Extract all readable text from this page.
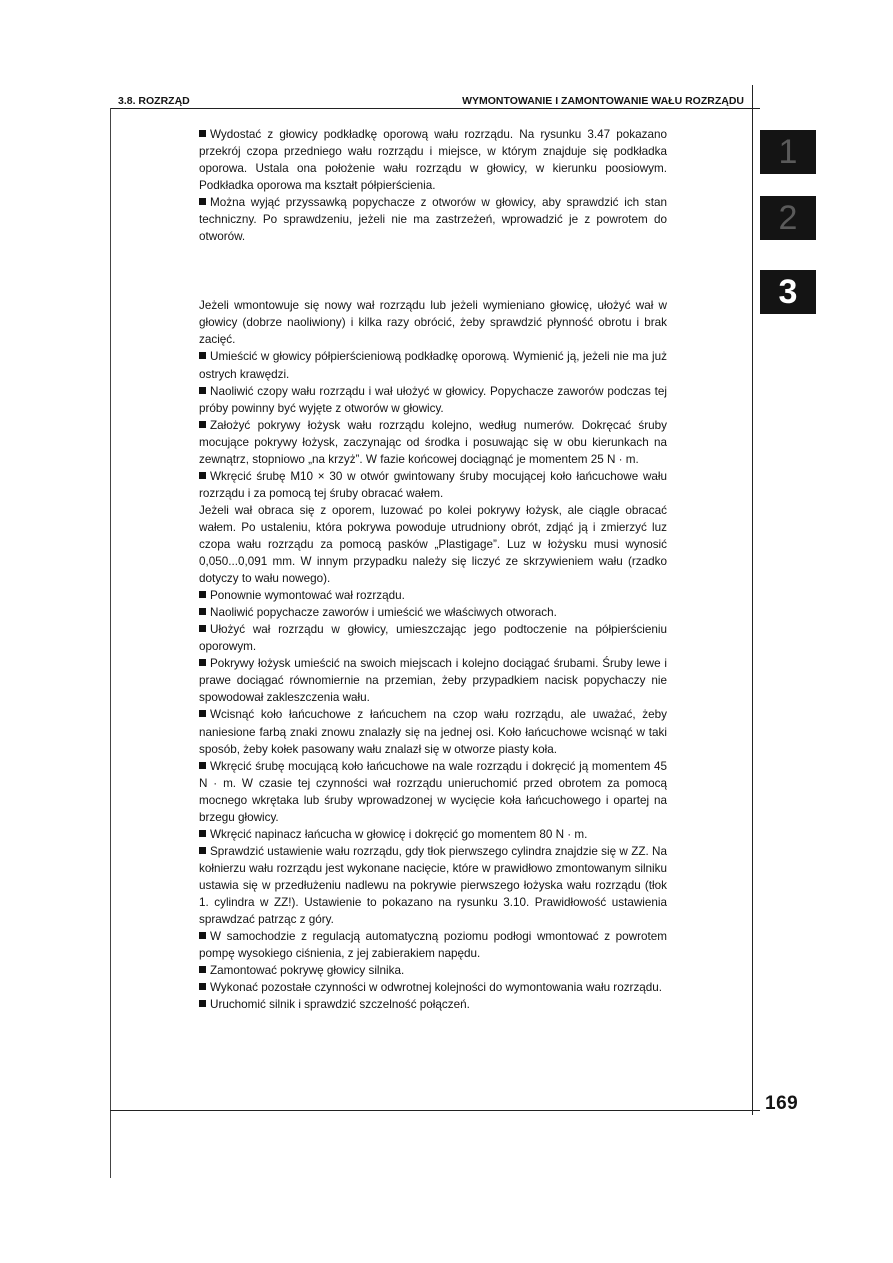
3.8. ROZRZĄD	WYMONTOWANIE I ZAMONTOWANIE WAŁU ROZRZĄDU
1
2
3
169

Wydostać z głowicy podkładkę oporową wału rozrządu. Na rysunku 3.47 pokazano przekrój czopa przedniego wału rozrządu i miejsce, w którym znajduje się podkładka oporowa. Ustala ona położenie wału rozrządu w głowicy, w kierunku poosiowym. Podkładka oporowa ma kształt półpierścienia.

Można wyjąć przyssawką popychacze z otworów w głowicy, aby sprawdzić ich stan techniczny. Po sprawdzeniu, jeżeli nie ma zastrzeżeń, wprowadzić je z powrotem do otworów.

Jeżeli wmontowuje się nowy wał rozrządu lub jeżeli wymieniano głowicę, ułożyć wał w głowicy (dobrze naoliwiony) i kilka razy obrócić, żeby sprawdzić płynność obrotu i brak zacięć.

Umieścić w głowicy półpierścieniową podkładkę oporową. Wymienić ją, jeżeli nie ma już ostrych krawędzi.

Naoliwić czopy wału rozrządu i wał ułożyć w głowicy. Popychacze zaworów podczas tej próby powinny być wyjęte z otworów w głowicy.

Założyć pokrywy łożysk wału rozrządu kolejno, według numerów. Dokręcać śruby mocujące pokrywy łożysk, zaczynając od środka i posuwając się w obu kierunkach na zewnątrz, stopniowo „na krzyż”. W fazie końcowej dociągnąć je momentem 25 N · m.

Wkręcić śrubę M10 × 30 w otwór gwintowany śruby mocującej koło łańcuchowe wału rozrządu i za pomocą tej śruby obracać wałem.

Jeżeli wał obraca się z oporem, luzować po kolei pokrywy łożysk, ale ciągle obracać wałem. Po ustaleniu, która pokrywa powoduje utrudniony obrót, zdjąć ją i zmierzyć luz czopa wału rozrządu za pomocą pasków „Plastigage”. Luz w łożysku musi wynosić 0,050...0,091 mm. W innym przypadku należy się liczyć ze skrzywieniem wału (rzadko dotyczy to wału nowego).

Ponownie wymontować wał rozrządu.

Naoliwić popychacze zaworów i umieścić we właściwych otworach.

Ułożyć wał rozrządu w głowicy, umieszczając jego podtoczenie na półpierścieniu oporowym.

Pokrywy łożysk umieścić na swoich miejscach i kolejno dociągać śrubami. Śruby lewe i prawe dociągać równomiernie na przemian, żeby przypadkiem nacisk popychaczy nie spowodował zakleszczenia wału.

Wcisnąć koło łańcuchowe z łańcuchem na czop wału rozrządu, ale uważać, żeby naniesione farbą znaki znowu znalazły się na jednej osi. Koło łańcuchowe wcisnąć w taki sposób, żeby kołek pasowany wału znalazł się w otworze piasty koła.

Wkręcić śrubę mocującą koło łańcuchowe na wale rozrządu i dokręcić ją momentem 45 N · m. W czasie tej czynności wał rozrządu unieruchomić przed obrotem za pomocą mocnego wkrętaka lub śruby wprowadzonej w wycięcie koła łańcuchowego i opartej na brzegu głowicy.

Wkręcić napinacz łańcucha w głowicę i dokręcić go momentem 80 N · m.

Sprawdzić ustawienie wału rozrządu, gdy tłok pierwszego cylindra znajdzie się w ZZ. Na kołnierzu wału rozrządu jest wykonane nacięcie, które w prawidłowo zmontowanym silniku ustawia się w przedłużeniu nadlewu na pokrywie pierwszego łożyska wału rozrządu (tłok 1. cylindra w ZZ!). Ustawienie to pokazano na rysunku 3.10. Prawidłowość ustawienia sprawdzać patrząc z góry.

W samochodzie z regulacją automatyczną poziomu podłogi wmontować z powrotem pompę wysokiego ciśnienia, z jej zabierakiem napędu.

Zamontować pokrywę głowicy silnika.

Wykonać pozostałe czynności w odwrotnej kolejności do wymontowania wału rozrządu.

Uruchomić silnik i sprawdzić szczelność połączeń.
